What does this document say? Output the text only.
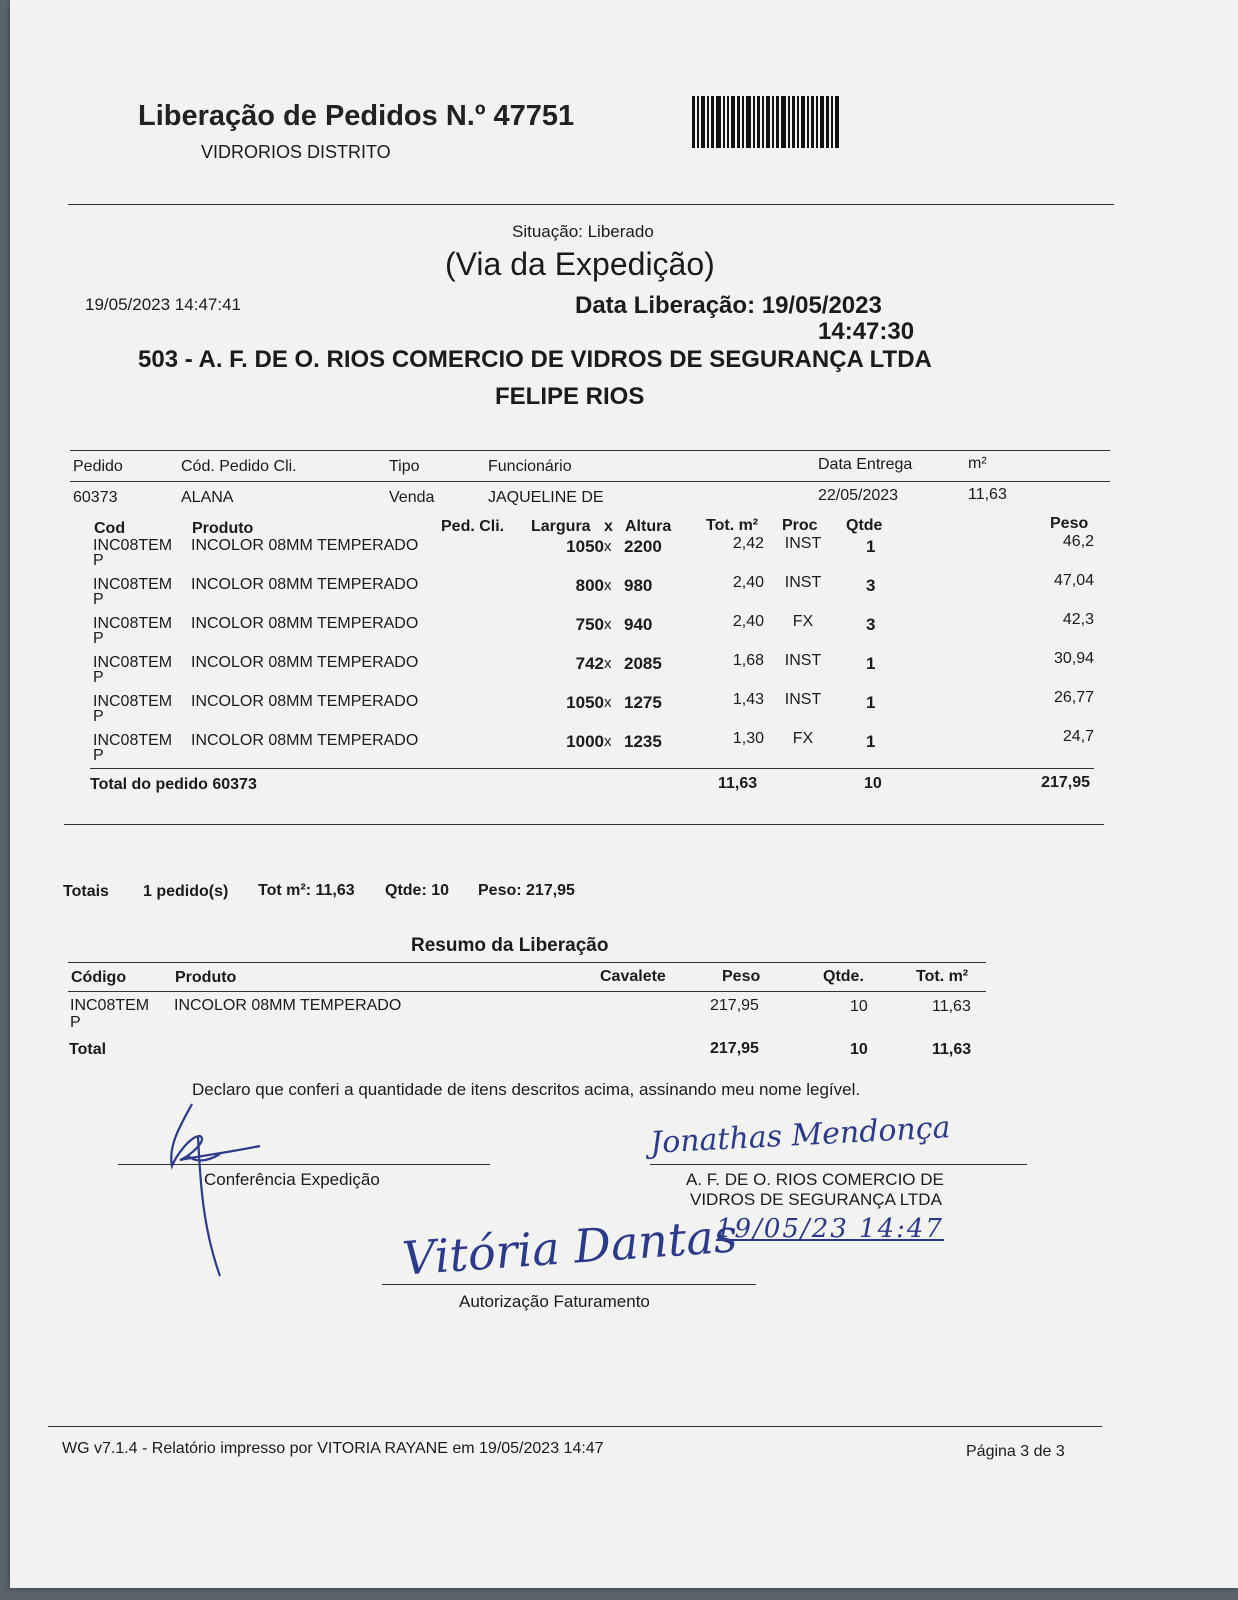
Liberação de Pedidos N.º 47751
VIDRORIOS DISTRITO
Situação: Liberado
(Via da Expedição)
19/05/2023 14:47:41	Data Liberação: 19/05/2023
14:47:30
503 - A. F. DE O. RIOS COMERCIO DE VIDROS DE SEGURANÇA LTDA
FELIPE RIOS
Pedido	Cód. Pedido Cli.	Tipo	Funcionário	Data Entrega	m²
60373	ALANA	Venda	JAQUELINE DE	22/05/2023	11,63
Cod	Produto	Ped. Cli. Largura x Altura Tot. m² Proc Qtde	Peso
INC08TEM
P
INCOLOR 08MM TEMPERADO	1050 x 2200	2,42 INST	1	46,2
INC08TEM
P
INCOLOR 08MM TEMPERADO	800 x 980	2,40 INST	3	47,04
INC08TEM
P
INCOLOR 08MM TEMPERADO	750 x 940	2,40	FX	3	42,3
INC08TEM
P
INCOLOR 08MM TEMPERADO	742 x 2085	1,68 INST	1	30,94
INC08TEM
P
INCOLOR 08MM TEMPERADO	1050 x 1275	1,43 INST	1	26,77
INC08TEM
P
INCOLOR 08MM TEMPERADO	1000 x 1235	1,30	FX	1	24,7
Total do pedido 60373	11,63	10	217,95
Totais 1 pedido(s) Tot m²: 11,63 Qtde: 10 Peso: 217,95
Resumo da Liberação
Código	Produto	Cavalete	Peso	Qtde.	Tot. m²
INC08TEM
P
INCOLOR 08MM TEMPERADO	217,95	10	11,63
Total	217,95	10	11,63
Declaro que conferi a quantidade de itens descritos acima, assinando meu nome legível.
Conferência Expedição	A. F. DE O. RIOS COMERCIO DE
VIDROS DE SEGURANÇA LTDA
Autorização Faturamento
Jonathas Mendonça
19/05/23 14:47
Vitória Dantas
WG v7.1.4 - Relatório impresso por VITORIA RAYANE em 19/05/2023 14:47	Página 3 de 3
